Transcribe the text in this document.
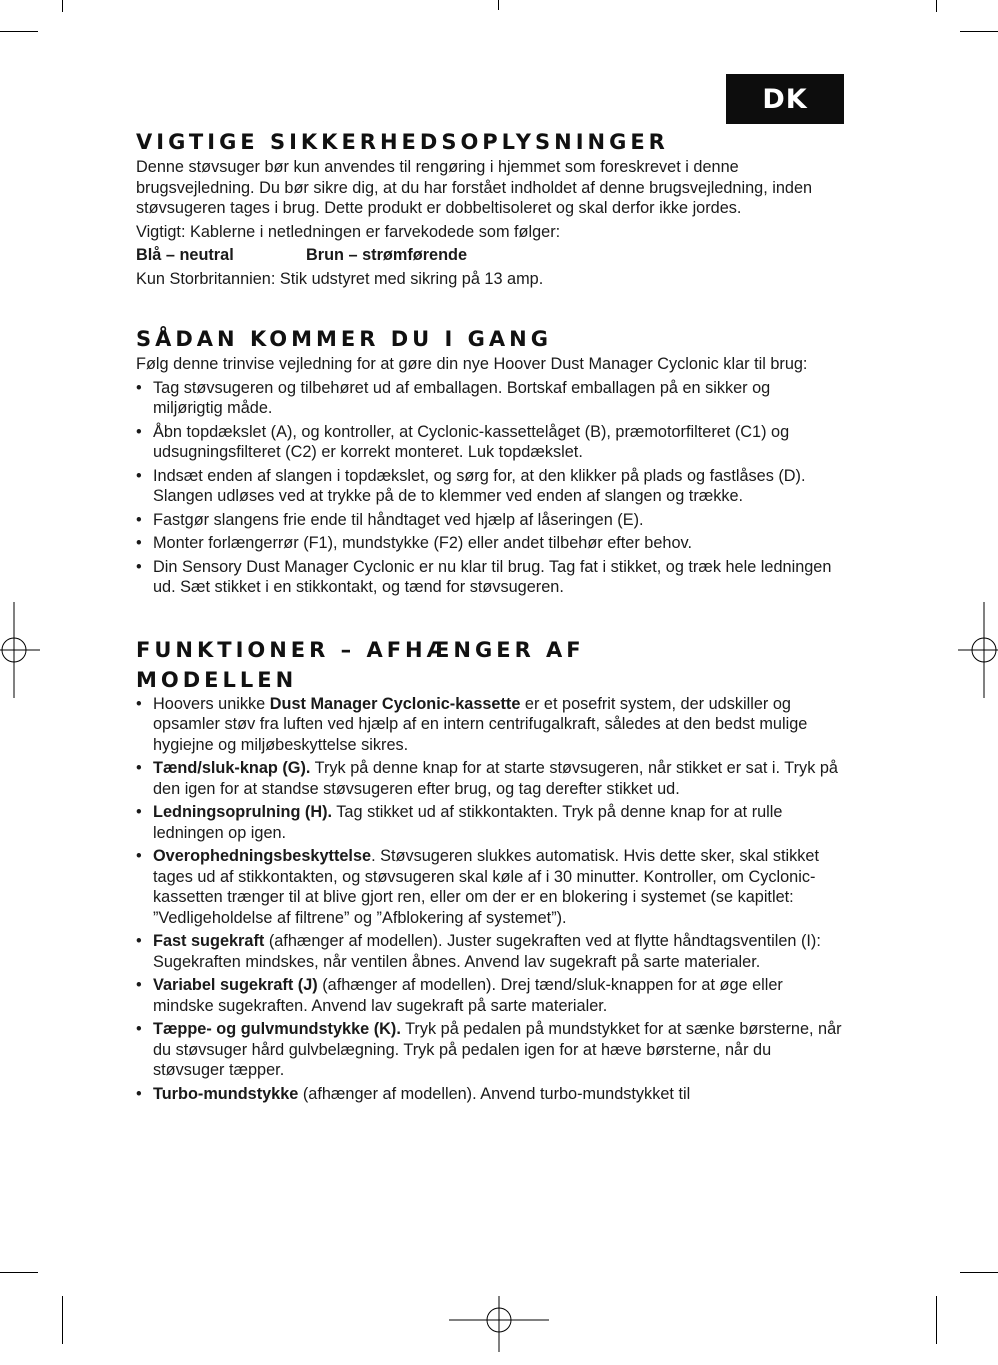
DK
VIGTIGE SIKKERHEDSOPLYSNINGER

Denne støvsuger bør kun anvendes til rengøring i hjemmet som foreskrevet i denne brugsvejledning. Du bør sikre dig, at du har forstået indholdet af denne brugsvejledning, inden støvsugeren tages i brug. Dette produkt er dobbeltisoleret og skal derfor ikke jordes.

Vigtigt: Kablerne i netledningen er farvekodede som følger:

Blå – neutral	Brun – strømførende

Kun Storbritannien: Stik udstyret med sikring på 13 amp.

SÅDAN KOMMER DU I GANG

Følg denne trinvise vejledning for at gøre din nye Hoover Dust Manager Cyclonic klar til brug:

• Tag støvsugeren og tilbehøret ud af emballagen. Bortskaf emballagen på en sikker og miljørigtig måde.
• Åbn topdækslet (A), og kontroller, at Cyclonic-kassettelåget (B), præmotorfilteret (C1) og udsugningsfilteret (C2) er korrekt monteret. Luk topdækslet.
• Indsæt enden af slangen i topdækslet, og sørg for, at den klikker på plads og fastlåses (D). Slangen udløses ved at trykke på de to klemmer ved enden af slangen og trække.
• Fastgør slangens frie ende til håndtaget ved hjælp af låseringen (E).
• Monter forlængerrør (F1), mundstykke (F2) eller andet tilbehør efter behov.
• Din Sensory Dust Manager Cyclonic er nu klar til brug. Tag fat i stikket, og træk hele ledningen ud. Sæt stikket i en stikkontakt, og tænd for støvsugeren.
FUNKTIONER – AFHÆNGER AF
MODELLEN
• Hoovers unikke Dust Manager Cyclonic-kassette er et posefrit system, der udskiller og opsamler støv fra luften ved hjælp af en intern centrifugalkraft, således at den bedst mulige hygiejne og miljøbeskyttelse sikres.
• Tænd/sluk-knap (G). Tryk på denne knap for at starte støvsugeren, når stikket er sat i. Tryk på den igen for at standse støvsugeren efter brug, og tag derefter stikket ud.
• Ledningsoprulning (H). Tag stikket ud af stikkontakten. Tryk på denne knap for at rulle ledningen op igen.
• Overophedningsbeskyttelse. Støvsugeren slukkes automatisk. Hvis dette sker, skal stikket tages ud af stikkontakten, og støvsugeren skal køle af i 30 minutter. Kontroller, om Cyclonic-kassetten trænger til at blive gjort ren, eller om der er en blokering i systemet (se kapitlet: ”Vedligeholdelse af filtrene” og ”Afblokering af systemet”).
• Fast sugekraft (afhænger af modellen). Juster sugekraften ved at flytte håndtagsventilen (I): Sugekraften mindskes, når ventilen åbnes. Anvend lav sugekraft på sarte materialer.
• Variabel sugekraft (J) (afhænger af modellen). Drej tænd/sluk-knappen for at øge eller mindske sugekraften. Anvend lav sugekraft på sarte materialer.
• Tæppe- og gulvmundstykke (K). Tryk på pedalen på mundstykket for at sænke børsterne, når du støvsuger hård gulvbelægning. Tryk på pedalen igen for at hæve børsterne, når du støvsuger tæpper.
• Turbo-mundstykke (afhænger af modellen). Anvend turbo-mundstykket til
